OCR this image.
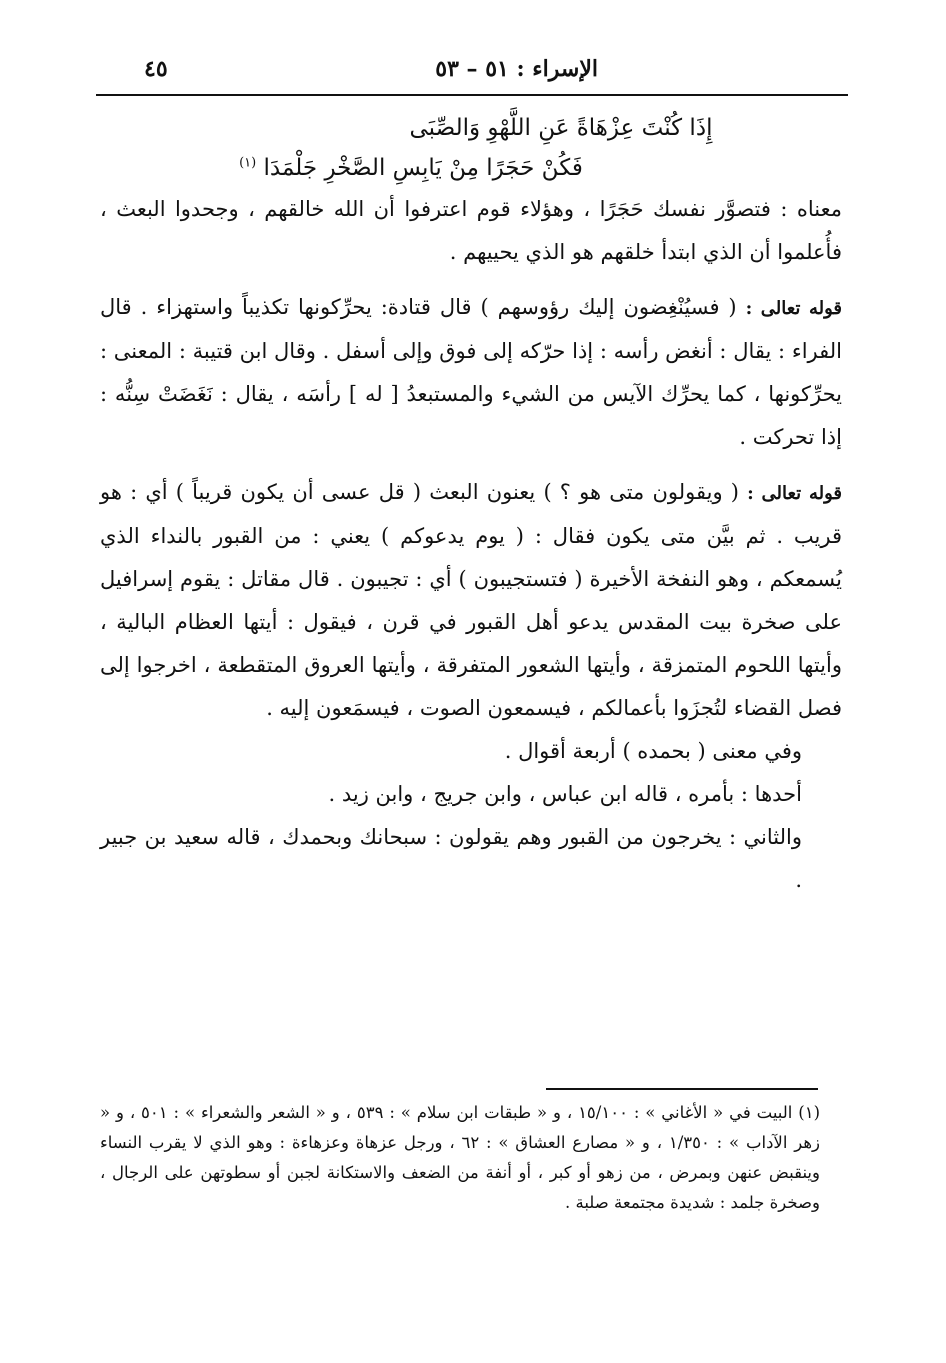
الإسراء : ٥١ – ٥٣
٤٥
إِذَا كُنْتَ عِزْهَاةً عَنِ اللَّهْوِ وَالصِّبَى
فَكُنْ حَجَرًا مِنْ يَابِسِ الصَّخْرِ جَلْمَدَا $^{(١)}$

معناه : فتصوَّر نفسك حَجَرًا ، وهؤلاء قوم اعترفوا أن الله خالقهم ، وجحدوا البعث ، فأُعلموا أن الذي ابتدأ خلقهم هو الذي يحييهم .

قوله تعالى : ( فسيُنْغِضون إليك رؤوسهم ) قال قتادة: يحرِّكونها تكذيباً واستهزاء . قال الفراء : يقال : أنغض رأسه : إذا حرّكه إلى فوق وإلى أسفل . وقال ابن قتيبة : المعنى : يحرِّكونها ، كما يحرِّك الآيس من الشيء والمستبعدُ [ له ] رأسَه ، يقال : نَغَضَتْ سِنُّه : إذا تحركت .

قوله تعالى : ( ويقولون متى هو ؟ ) يعنون البعث ( قل عسى أن يكون قريباً ) أي : هو قريب . ثم بيَّن متى يكون فقال : ( يوم يدعوكم ) يعني : من القبور بالنداء الذي يُسمعكم ، وهو النفخة الأخيرة ( فتستجيبون ) أي : تجيبون . قال مقاتل : يقوم إسرافيل على صخرة بيت المقدس يدعو أهل القبور في قرن ، فيقول : أيتها العظام البالية ، وأيتها اللحوم المتمزقة ، وأيتها الشعور المتفرقة ، وأيتها العروق المتقطعة ، اخرجوا إلى فصل القضاء لتُجزَوا بأعمالكم ، فيسمعون الصوت ، فيسمَعون إليه .

وفي معنى ( بحمده ) أربعة أقوال .

أحدها : بأمره ، قاله ابن عباس ، وابن جريج ، وابن زيد .

والثاني : يخرجون من القبور وهم يقولون : سبحانك وبحمدك ، قاله سعيد بن جبير .

(١) البيت في « الأغاني » : ١٥/١٠٠ ، و « طبقات ابن سلام » : ٥٣٩ ، و « الشعر والشعراء » : ٥٠١ ، و « زهر الآداب » : ١/٣٥٠ ، و « مصارع العشاق » : ٦٢ ، ورجل عزهاة وعزهاءة : وهو الذي لا يقرب النساء وينقبض عنهن وبمرض ، من زهو أو كبر ، أو أنفة من الضعف والاستكانة لجبن أو سطوتهن على الرجال ، وصخرة جلمد : شديدة مجتمعة صلبة .
